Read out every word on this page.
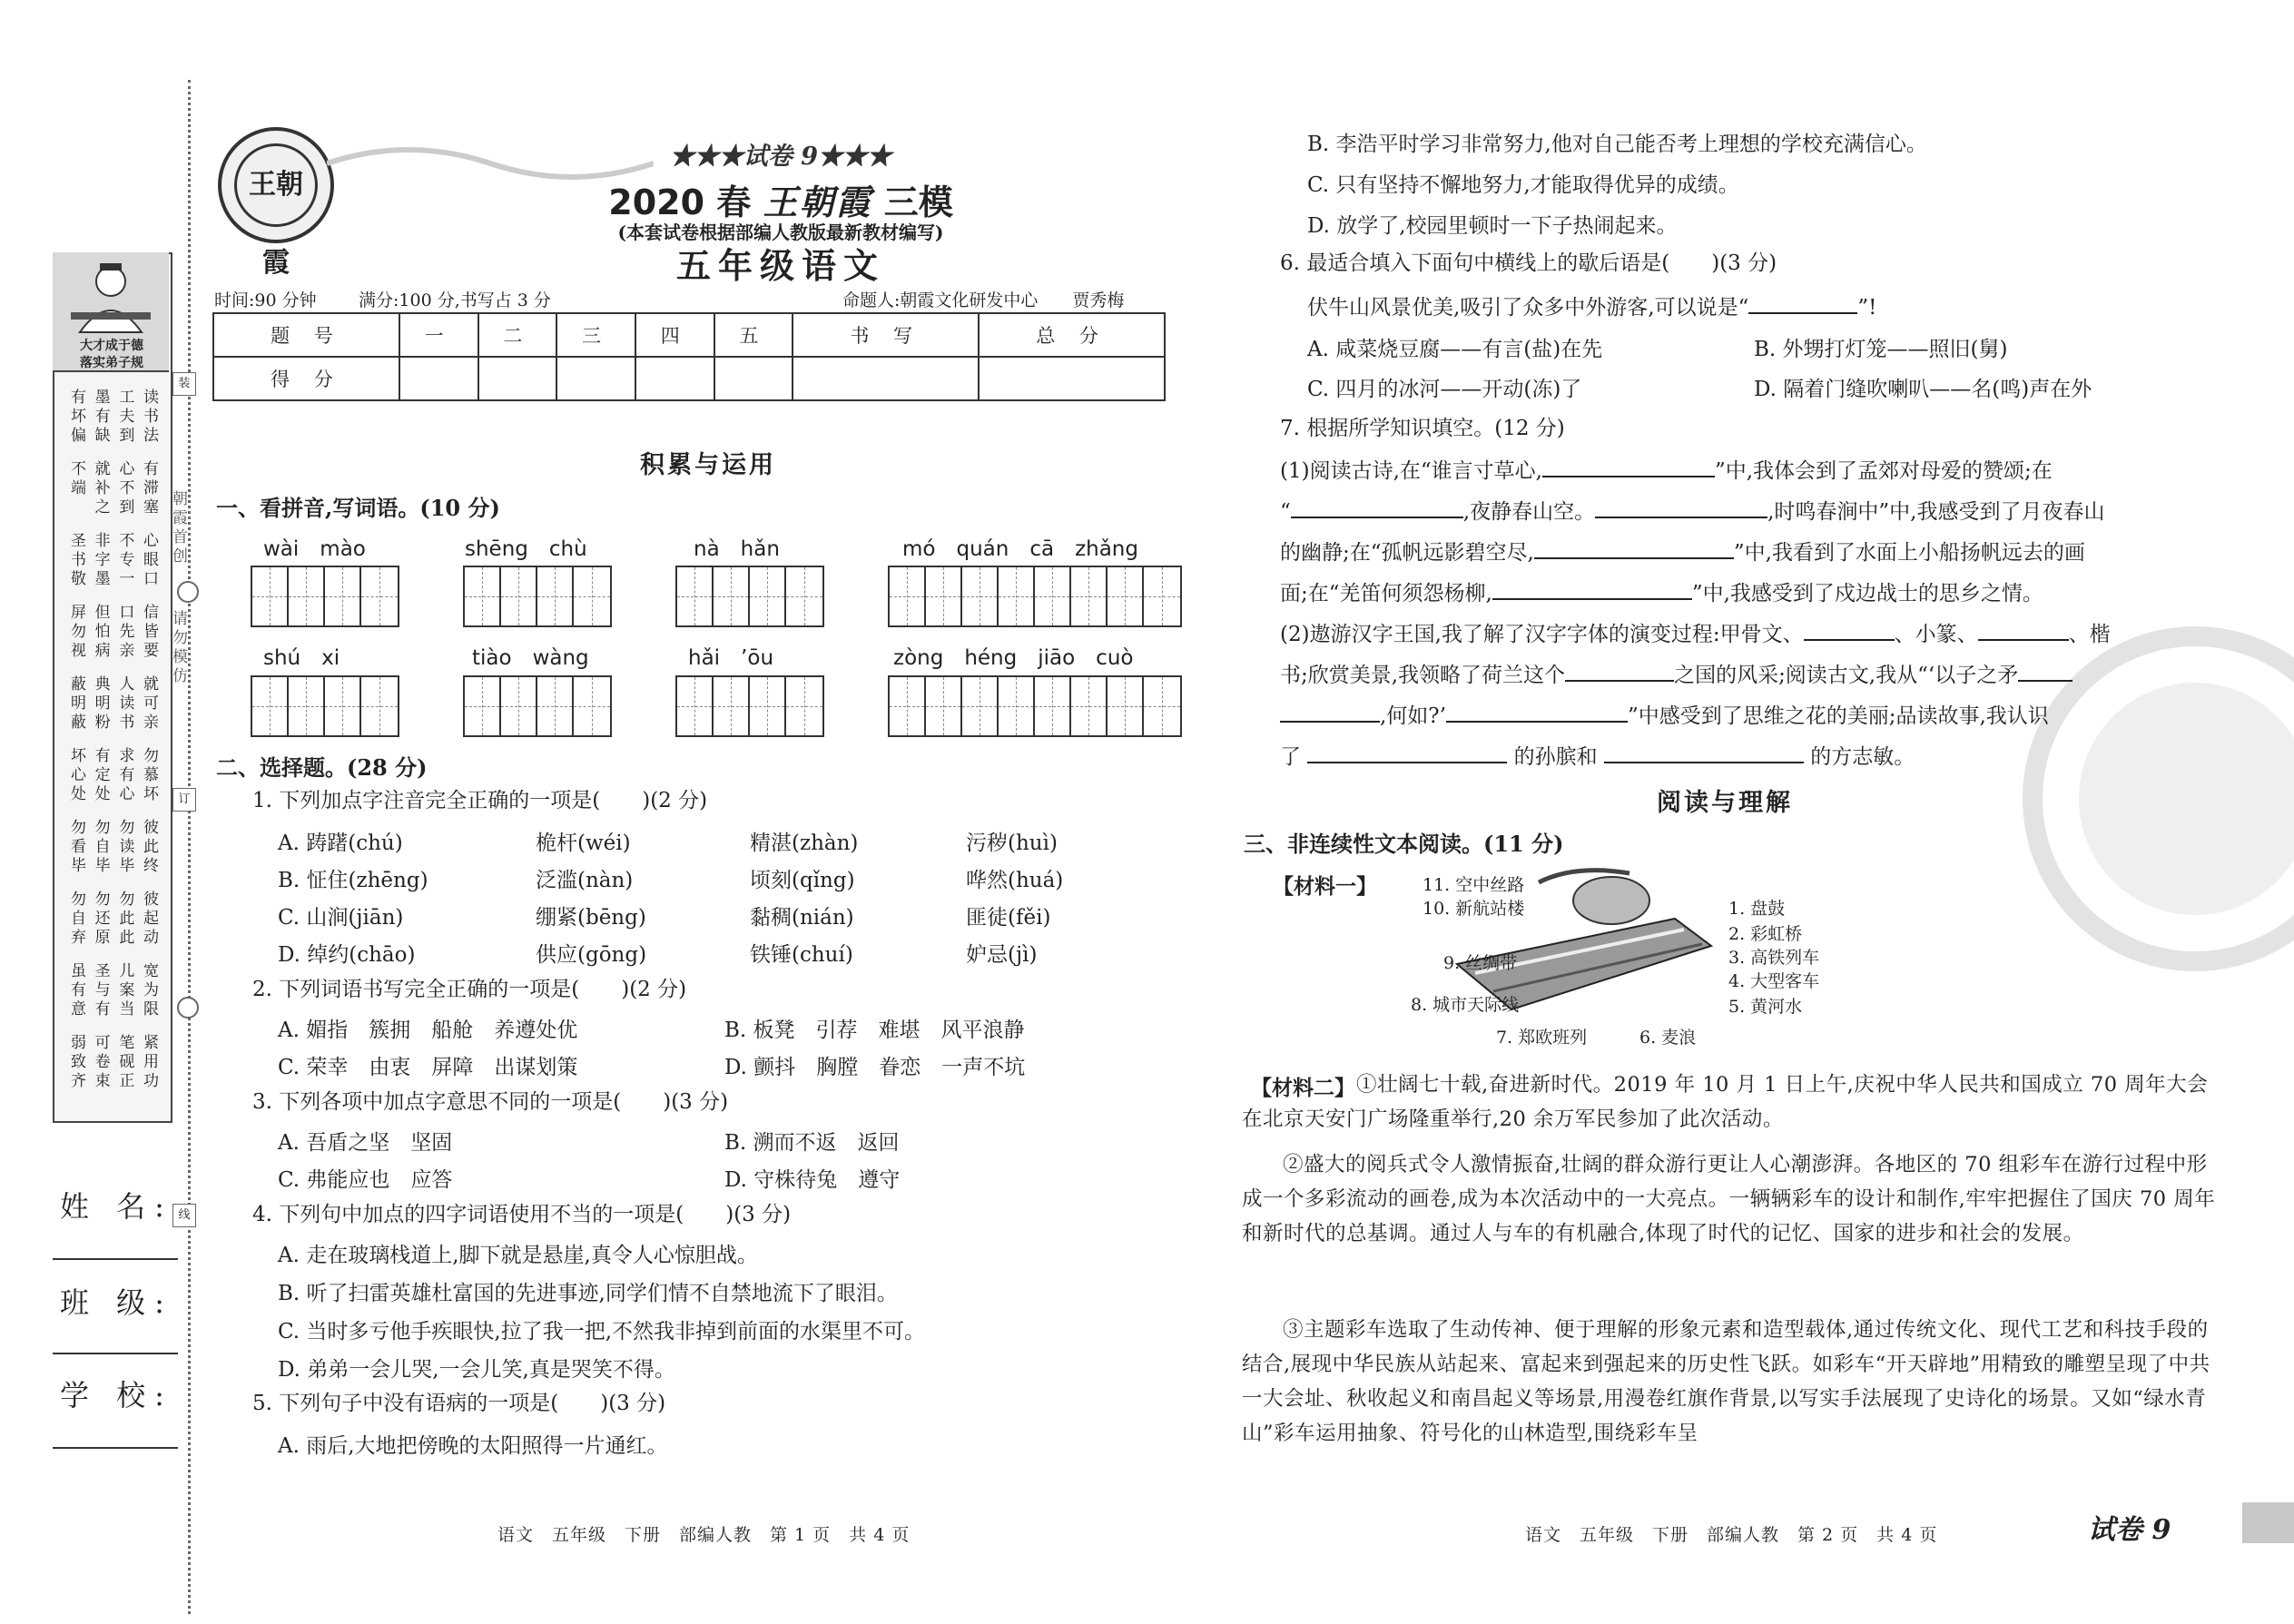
大才成于德
落实弟子规
读书法
工夫到
墨有缺
有坏偏
有滞塞
心不到
就补之
不端
心眼口
不专一
非字墨
圣书敬
信皆要
口先亲
但怕病
屏勿视
就可亲
人读书
典明粉
蔽明蔽
勿慕坏
求有心
有定处
坏心处
彼此终
勿读毕
勿自毕
勿看毕
彼起动
勿此此
勿还原
勿自弃
宽为限
儿案当
圣与有
虽有意
紧用功
笔砚正
可卷束
弱致齐
朝霞首创
请勿模仿
装
订
线
姓 名:
班 级:
学 校:
王朝霞
★★★试卷 9★★★
2020 春 王朝霞 三模
(本套试卷根据部编人教版最新教材编写)
五年级语文
时间:90 分钟 满分:100 分,书写占 3 分	命题人:朝霞文化研发中心　　贾秀梅
题 号	一	二	三	四	五	书 写	总 分
得 分							
积累与运用
一、看拼音,写词语。(10 分)
wài　mào	shēng　chù	nà　hǎn	mó　quán　cā　zhǎng
shú　xi	tiào　wàng	hǎi　’ōu	zòng　héng　jiāo　cuò
二、选择题。(28 分)
1. 下列加点字注音完全正确的一项是(　　)(2 分)
A. 踌躇(chú)	桅杆(wéi)	精湛(zhàn)	污秽(huì)
B. 怔住(zhēng)	泛滥(nàn)	顷刻(qǐng)	哗然(huá)
C. 山涧(jiān)	绷紧(bēng)	黏稠(nián)	匪徒(fěi)
D. 绰约(chāo)	供应(gōng)	铁锤(chuí)	妒忌(jì)
2. 下列词语书写完全正确的一项是(　　)(2 分)
A. 媚指　簇拥　船舱　养遵处优	B. 板凳　引荐　难堪　风平浪静
C. 荣幸　由衷　屏障　出谋划策	D. 颤抖　胸膛　眷恋　一声不坑
3. 下列各项中加点字意思不同的一项是(　　)(3 分)
A. 吾盾之坚　坚固	B. 溯而不返　返回
C. 弗能应也　应答	D. 守株待兔　遵守
4. 下列句中加点的四字词语使用不当的一项是(　　)(3 分)
A. 走在玻璃栈道上,脚下就是悬崖,真令人心惊胆战。
B. 听了扫雷英雄杜富国的先进事迹,同学们情不自禁地流下了眼泪。
C. 当时多亏他手疾眼快,拉了我一把,不然我非掉到前面的水渠里不可。
D. 弟弟一会儿哭,一会儿笑,真是哭笑不得。
5. 下列句子中没有语病的一项是(　　)(3 分)
A. 雨后,大地把傍晚的太阳照得一片通红。
语文　五年级　下册　部编人教　第 1 页　共 4 页
B. 李浩平时学习非常努力,他对自己能否考上理想的学校充满信心。
C. 只有坚持不懈地努力,才能取得优异的成绩。
D. 放学了,校园里顿时一下子热闹起来。
6. 最适合填入下面句中横线上的歇后语是(　　)(3 分)
伏牛山风景优美,吸引了众多中外游客,可以说是“	”!
A. 咸菜烧豆腐——有言(盐)在先	B. 外甥打灯笼——照旧(舅)
C. 四月的冰河——开动(冻)了	D. 隔着门缝吹喇叭——名(鸣)声在外
7. 根据所学知识填空。(12 分)
(1)阅读古诗,在“谁言寸草心,	”中,我体会到了孟郊对母爱的赞颂;在
“	,夜静春山空。	,时鸣春涧中”中,我感受到了月夜春山
的幽静;在“孤帆远影碧空尽,	”中,我看到了水面上小船扬帆远去的画
面;在“羌笛何须怨杨柳,	”中,我感受到了戍边战士的思乡之情。
(2)遨游汉字王国,我了解了汉字字体的演变过程:甲骨文、	、小篆、	、楷
书;欣赏美景,我领略了荷兰这个	之国的风采;阅读古文,我从“‘以子之矛
,何如?’	”中感受到了思维之花的美丽;品读故事,我认识
了	的孙膑和	的方志敏。
阅读与理解
三、非连续性文本阅读。(11 分)
【材料一】	11. 空中丝路
10. 新航站楼
9. 丝绸带
8. 城市天际线
7. 郑欧班列	6. 麦浪
1. 盘鼓
2. 彩虹桥
3. 高铁列车
4. 大型客车
5. 黄河水
【材料二】 ①壮阔七十载,奋进新时代。2019 年 10 月 1 日上午,庆祝中华人民共和国成立 70 周年大会在北京天安门广场隆重举行,20 余万军民参加了此次活动。
②盛大的阅兵式令人激情振奋,壮阔的群众游行更让人心潮澎湃。各地区的 70 组彩车在游行过程中形成一个多彩流动的画卷,成为本次活动中的一大亮点。一辆辆彩车的设计和制作,牢牢把握住了国庆 70 周年和新时代的总基调。通过人与车的有机融合,体现了时代的记忆、国家的进步和社会的发展。
③主题彩车选取了生动传神、便于理解的形象元素和造型载体,通过传统文化、现代工艺和科技手段的结合,展现中华民族从站起来、富起来到强起来的历史性飞跃。如彩车“开天辟地”用精致的雕塑呈现了中共一大会址、秋收起义和南昌起义等场景,用漫卷红旗作背景,以写实手法展现了史诗化的场景。又如“绿水青山”彩车运用抽象、符号化的山林造型,围绕彩车呈
语文　五年级　下册　部编人教　第 2 页　共 4 页	试卷 9
